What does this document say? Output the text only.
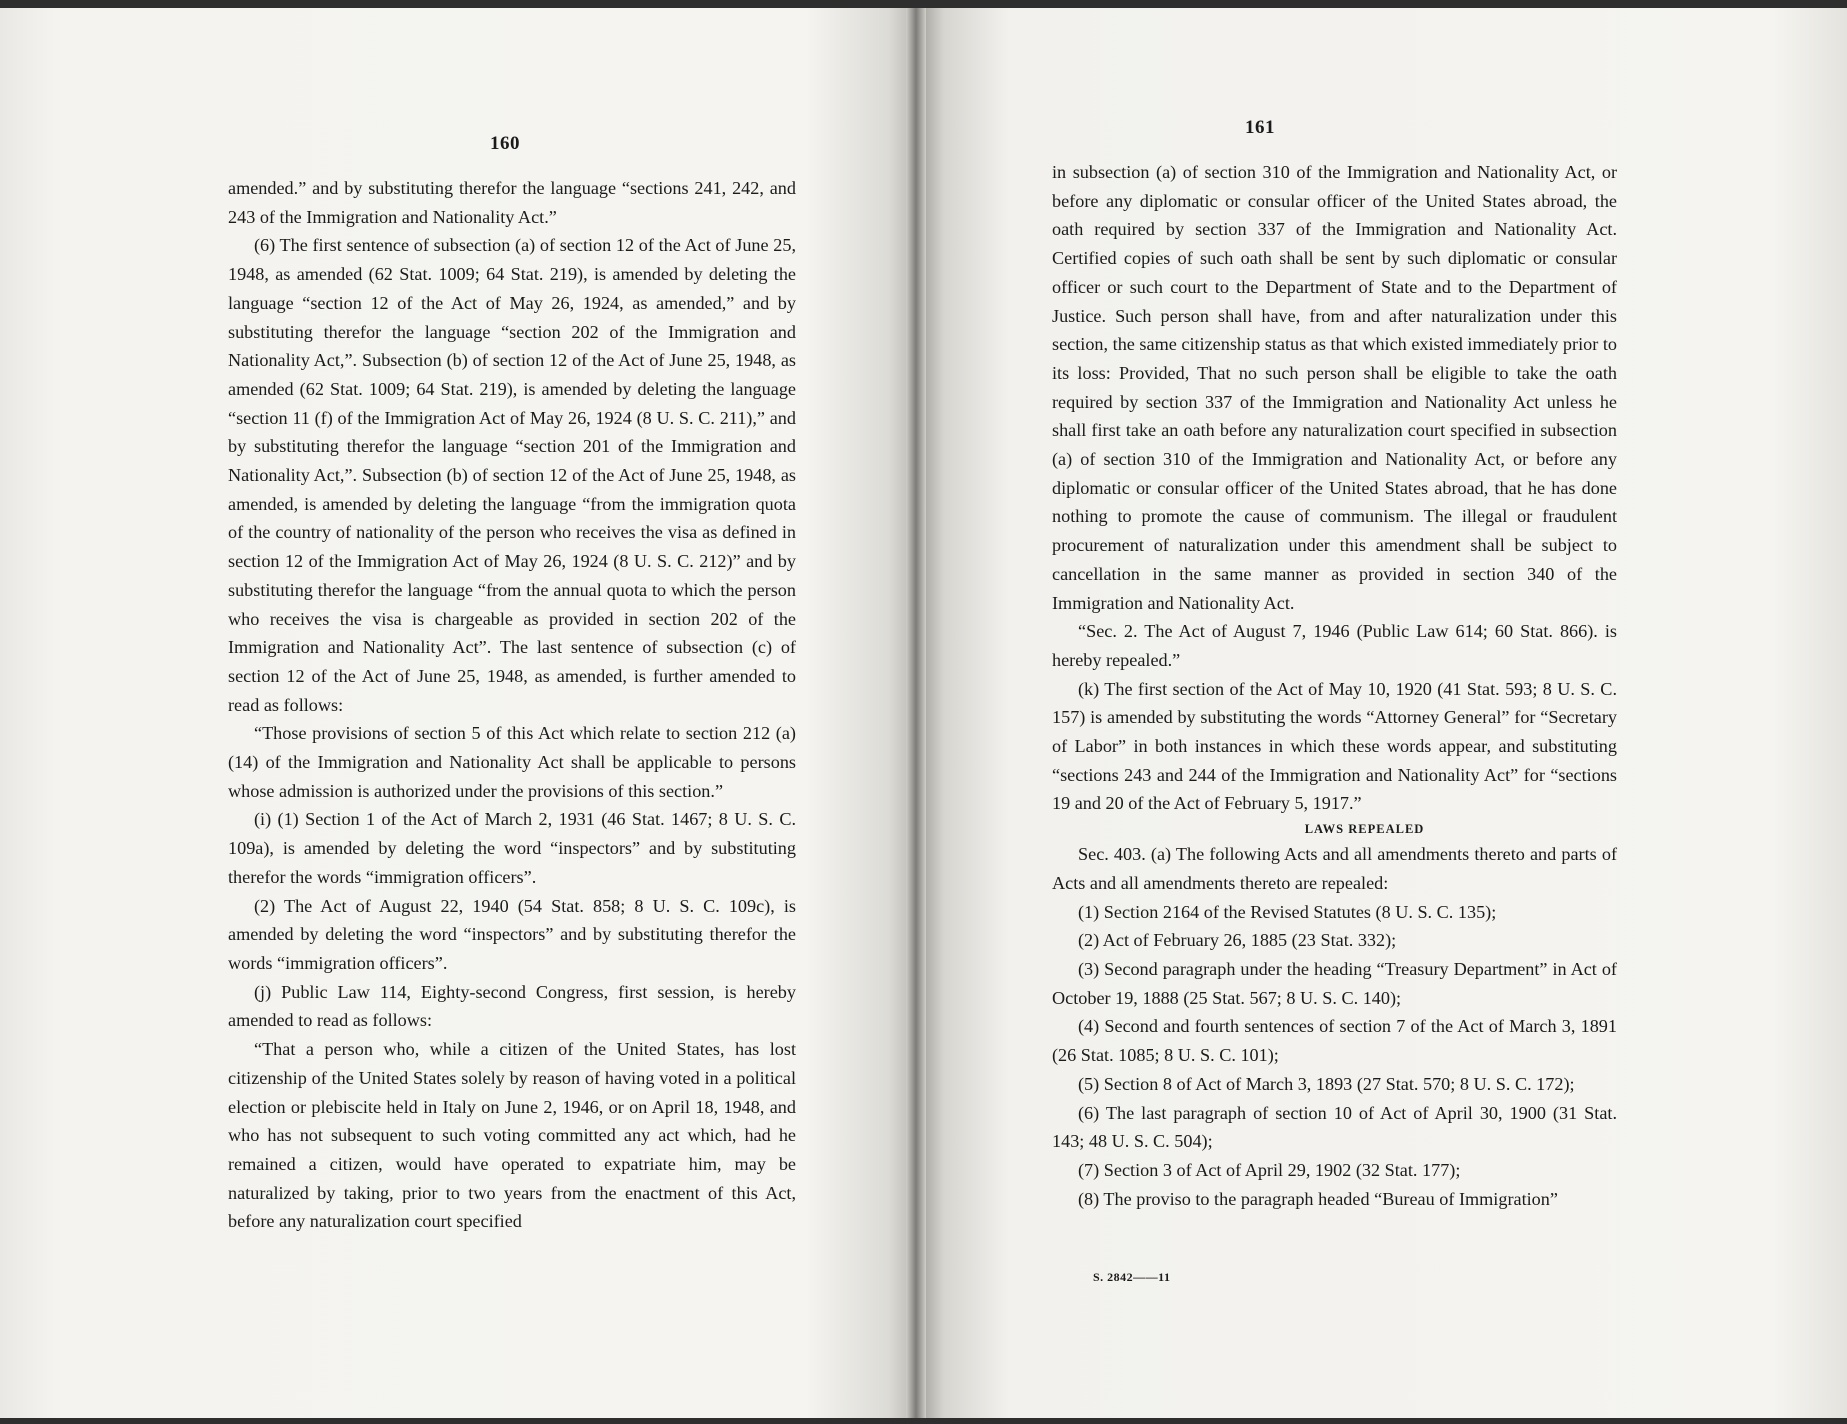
160

amended.” and by substituting therefor the language “sections 241, 242, and 243 of the Immigration and Nationality Act.”

(6) The first sentence of subsection (a) of section 12 of the Act of June 25, 1948, as amended (62 Stat. 1009; 64 Stat. 219), is amended by deleting the language “section 12 of the Act of May 26, 1924, as amended,” and by substituting therefor the language “section 202 of the Immigration and Nationality Act,”. Subsection (b) of section 12 of the Act of June 25, 1948, as amended (62 Stat. 1009; 64 Stat. 219), is amended by deleting the language “section 11 (f) of the Immigration Act of May 26, 1924 (8 U. S. C. 211),” and by substituting therefor the language “section 201 of the Immigration and Nationality Act,”. Subsection (b) of section 12 of the Act of June 25, 1948, as amended, is amended by deleting the language “from the immigration quota of the country of nationality of the person who receives the visa as defined in section 12 of the Immigration Act of May 26, 1924 (8 U. S. C. 212)” and by substituting therefor the language “from the annual quota to which the person who receives the visa is chargeable as provided in section 202 of the Immigration and Nationality Act”. The last sentence of subsection (c) of section 12 of the Act of June 25, 1948, as amended, is further amended to read as follows:

“Those provisions of section 5 of this Act which relate to section 212 (a) (14) of the Immigration and Nationality Act shall be applicable to persons whose admission is authorized under the provisions of this section.”

(i) (1) Section 1 of the Act of March 2, 1931 (46 Stat. 1467; 8 U. S. C. 109a), is amended by deleting the word “inspectors” and by substituting therefor the words “immigration officers”.

(2) The Act of August 22, 1940 (54 Stat. 858; 8 U. S. C. 109c), is amended by deleting the word “inspectors” and by substituting therefor the words “immigration officers”.

(j) Public Law 114, Eighty-second Congress, first session, is hereby amended to read as follows:

“That a person who, while a citizen of the United States, has lost citizenship of the United States solely by reason of having voted in a political election or plebiscite held in Italy on June 2, 1946, or on April 18, 1948, and who has not subsequent to such voting committed any act which, had he remained a citizen, would have operated to expatriate him, may be naturalized by taking, prior to two years from the enactment of this Act, before any naturalization court specified

161

in subsection (a) of section 310 of the Immigration and Nationality Act, or before any diplomatic or consular officer of the United States abroad, the oath required by section 337 of the Immigration and Nationality Act. Certified copies of such oath shall be sent by such diplomatic or consular officer or such court to the Department of State and to the Department of Justice. Such person shall have, from and after naturalization under this section, the same citizenship status as that which existed immediately prior to its loss: Provided, That no such person shall be eligible to take the oath required by section 337 of the Immigration and Nationality Act unless he shall first take an oath before any naturalization court specified in subsection (a) of section 310 of the Immigration and Nationality Act, or before any diplomatic or consular officer of the United States abroad, that he has done nothing to promote the cause of communism. The illegal or fraudulent procurement of naturalization under this amendment shall be subject to cancellation in the same manner as provided in section 340 of the Immigration and Nationality Act.

“Sec. 2. The Act of August 7, 1946 (Public Law 614; 60 Stat. 866). is hereby repealed.”

(k) The first section of the Act of May 10, 1920 (41 Stat. 593; 8 U. S. C. 157) is amended by substituting the words “Attorney General” for “Secretary of Labor” in both instances in which these words appear, and substituting “sections 243 and 244 of the Immigration and Nationality Act” for “sections 19 and 20 of the Act of February 5, 1917.”

LAWS REPEALED

Sec. 403. (a) The following Acts and all amendments thereto and parts of Acts and all amendments thereto are repealed:

(1) Section 2164 of the Revised Statutes (8 U. S. C. 135);

(2) Act of February 26, 1885 (23 Stat. 332);

(3) Second paragraph under the heading “Treasury Department” in Act of October 19, 1888 (25 Stat. 567; 8 U. S. C. 140);

(4) Second and fourth sentences of section 7 of the Act of March 3, 1891 (26 Stat. 1085; 8 U. S. C. 101);

(5) Section 8 of Act of March 3, 1893 (27 Stat. 570; 8 U. S. C. 172);

(6) The last paragraph of section 10 of Act of April 30, 1900 (31 Stat. 143; 48 U. S. C. 504);

(7) Section 3 of Act of April 29, 1902 (32 Stat. 177);

(8) The proviso to the paragraph headed “Bureau of Immigration”

S. 2842——11
